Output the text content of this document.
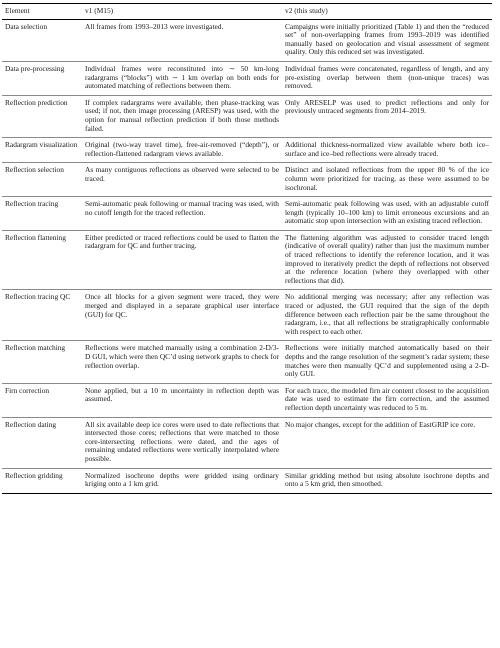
Element	v1 (M15)	v2 (this study)
Data selection	All frames from 1993–2013 were investigated.	Campaigns were initially prioritized (Table 1) and then the “reduced set” of non-overlapping frames from 1993–2019 was identified manually based on geolocation and visual assessment of segment quality. Only this reduced set was investigated.
Data pre-processing	Individual frames were reconstituted into ∼ 50 km-long radargrams (“blocks”) with ∼ 1 km overlap on both ends for automated matching of reflections between them.	Individual frames were concatenated, regardless of length, and any pre-existing overlap between them (non-unique traces) was removed.
Reflection prediction	If complex radargrams were available, then phase-tracking was used; if not, then image processing (ARESP) was used, with the option for manual reflection prediction if both those methods failed.	Only ARESELP was used to predict reflections and only for previously untraced segments from 2014–2019.
Radargram visualization	Original (two-way travel time), free-air-removed (“depth”), or reflection-flattened radargram views available.	Additional thickness-normalized view available where both ice–surface and ice–bed reflections were already traced.
Reflection selection	As many contiguous reflections as observed were selected to be traced.	Distinct and isolated reflections from the upper 80 % of the ice column were prioritized for tracing, as these were assumed to be isochronal.
Reflection tracing	Semi-automatic peak following or manual tracing was used, with no cutoff length for the traced reflection.	Semi-automatic peak following was used, with an adjustable cutoff length (typically 10–100 km) to limit erroneous excursions and an automatic stop upon intersection with an existing traced reflection.
Reflection flattening	Either predicted or traced reflections could be used to flatten the radargram for QC and further tracing.	The flattening algorithm was adjusted to consider traced length (indicative of overall quality) rather than just the maximum number of traced reflections to identify the reference location, and it was improved to iteratively predict the depth of reflections not observed at the reference location (where they overlapped with other reflections that did).
Reflection tracing QC	Once all blocks for a given segment were traced, they were merged and displayed in a separate graphical user interface (GUI) for QC.	No additional merging was necessary; after any reflection was traced or adjusted, the GUI required that the sign of the depth difference between each reflection pair be the same throughout the radargram, i.e., that all reflections be stratigraphically conformable with respect to each other.
Reflection matching	Reflections were matched manually using a combination 2-D/3-D GUI, which were then QC’d using network graphs to check for reflection overlap.	Reflections were initially matched automatically based on their depths and the range resolution of the segment’s radar system; these matches were then manually QC’d and supplemented using a 2-D-only GUI.
Firn correction	None applied, but a 10 m uncertainty in reflection depth was assumed.	For each trace, the modeled firn air content closest to the acquisition date was used to estimate the firn correction, and the assumed reflection depth uncertainty was reduced to 5 m.
Reflection dating	All six available deep ice cores were used to date reflections that intersected those cores; reflections that were matched to those core-intersecting reflections were dated, and the ages of remaining undated reflections were vertically interpolated where possible.	No major changes, except for the addition of EastGRIP ice core.
Reflection gridding	Normalized isochrone depths were gridded using ordinary kriging onto a 1 km grid.	Similar gridding method but using absolute isochrone depths and onto a 5 km grid, then smoothed.
